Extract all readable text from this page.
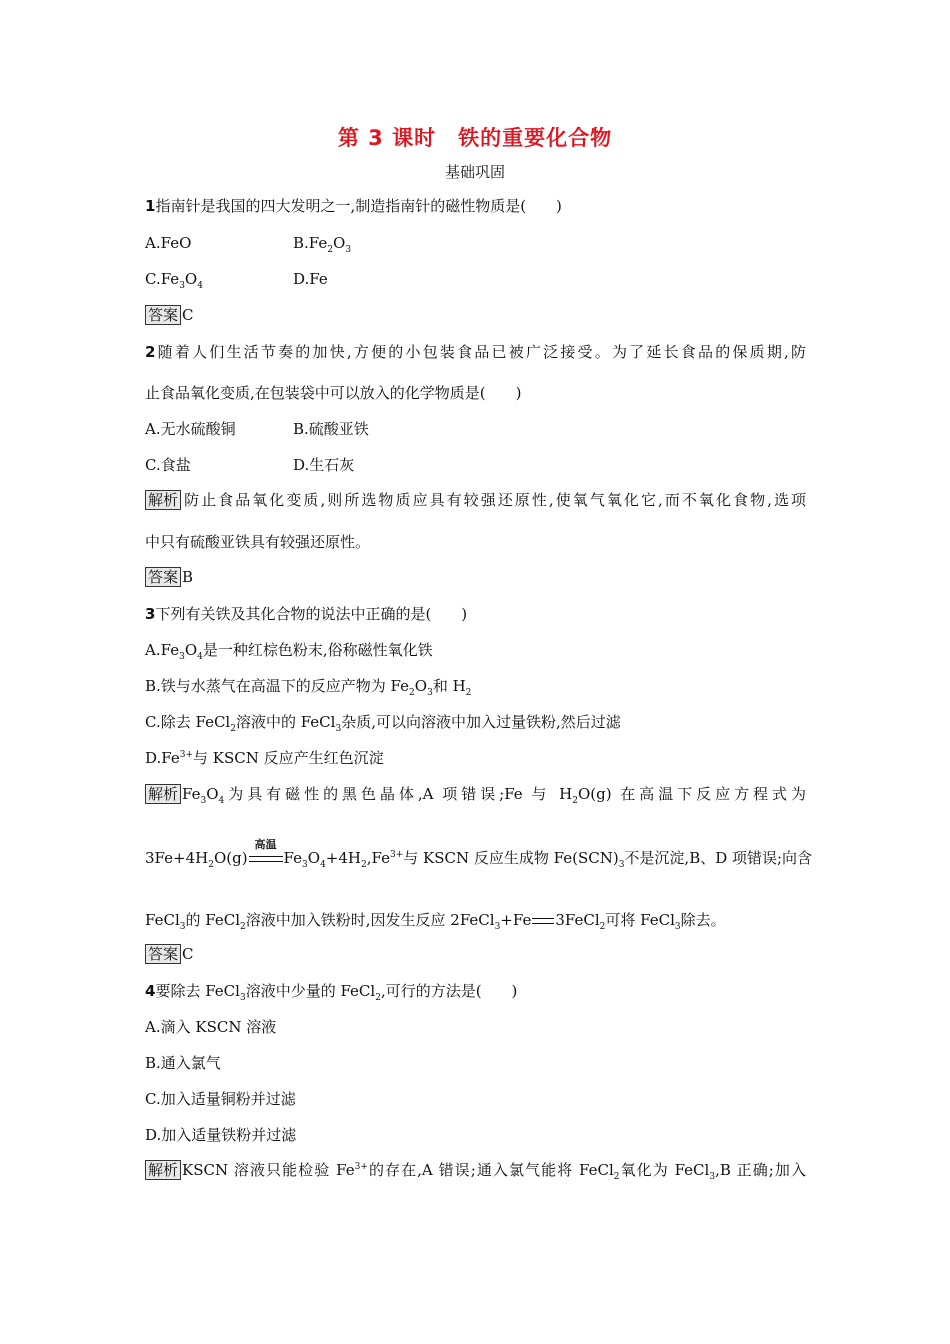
第 3 课时　铁的重要化合物
基础巩固
1指南针是我国的四大发明之一,制造指南针的磁性物质是(　　)
A.FeO	$B.Fe_2O_3$
$C.Fe_3O_4$	D.Fe
答案 C
2随着人们生活节奏的加快,方便的小包装食品已被广泛接受。为了延长食品的保质期,防
止食品氧化变质,在包装袋中可以放入的化学物质是(　　)
A.无水硫酸铜	B.硫酸亚铁
C.食盐	D.生石灰
解析 防止食品氧化变质,则所选物质应具有较强还原性,使氧气氧化它,而不氧化食物,选项
中只有硫酸亚铁具有较强还原性。
答案 B
3下列有关铁及其化合物的说法中正确的是(　　)
$A.Fe_3O_4$是一种红棕色粉末,俗称磁性氧化铁
B.铁与水蒸气在高温下的反应产物为 $Fe_2O_3$和 $H_2$
C.除去 FeCl$_2$溶液中的 FeCl$_3$杂质,可以向溶液中加入过量铁粉,然后过滤
$D.Fe^{3+}$与 KSCN 反应产生红色沉淀
解析 $Fe_3O_4$为具有磁性的黑色晶体,A 项错误;Fe 与 $H_2O(g)$ 在高温下反应方程式为
$3Fe+4H_2O(g)$
高温
$Fe_3O_4+4H_2,Fe^{3+}$与 KSCN 反应生成物 $Fe(SCN)_3$不是沉淀,B、D 项错误;向含
FeCl$_3$的 FeCl$_2$溶液中加入铁粉时,因发生反应 2FeCl$_3$+Fe 3FeCl$_2$可将 FeCl$_3$除去。
答案 C
4要除去 FeCl$_3$溶液中少量的 FeCl$_2$,可行的方法是(　　)
A.滴入 KSCN 溶液
B.通入氯气
C.加入适量铜粉并过滤
D.加入适量铁粉并过滤
解析 KSCN 溶液只能检验 $Fe^{3+}$的存在,A 错误;通入氯气能将 FeCl$_2$氧化为 FeCl$_3$,B 正确;加入
